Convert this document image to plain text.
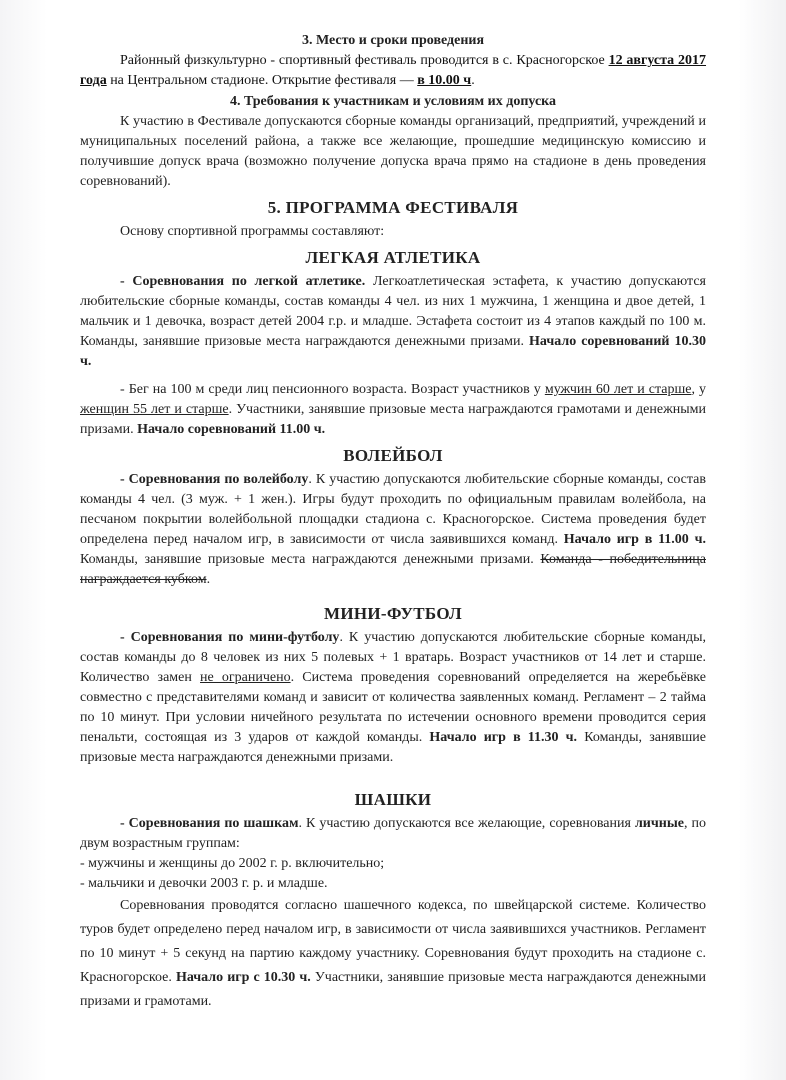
3. Место и сроки проведения

Районный физкультурно - спортивный фестиваль проводится в с. Красногорское 12 августа 2017 года на Центральном стадионе. Открытие фестиваля — в 10.00 ч.

4. Требования к участникам и условиям их допуска

К участию в Фестивале допускаются сборные команды организаций, предприятий, учреждений и муниципальных поселений района, а также все желающие, прошедшие медицинскую комиссию и получившие допуск врача (возможно получение допуска врача прямо на стадионе в день проведения соревнований).

5. ПРОГРАММА ФЕСТИВАЛЯ

Основу спортивной программы составляют:

ЛЕГКАЯ АТЛЕТИКА

- Соревнования по легкой атлетике. Легкоатлетическая эстафета, к участию допускаются любительские сборные команды, состав команды 4 чел. из них 1 мужчина, 1 женщина и двое детей, 1 мальчик и 1 девочка, возраст детей 2004 г.р. и младше. Эстафета состоит из 4 этапов каждый по 100 м. Команды, занявшие призовые места награждаются денежными призами. Начало соревнований 10.30 ч.

- Бег на 100 м среди лиц пенсионного возраста. Возраст участников у мужчин 60 лет и старше, у женщин 55 лет и старше. Участники, занявшие призовые места награждаются грамотами и денежными призами. Начало соревнований 11.00 ч.

ВОЛЕЙБОЛ

- Соревнования по волейболу. К участию допускаются любительские сборные команды, состав команды 4 чел. (3 муж. + 1 жен.). Игры будут проходить по официальным правилам волейбола, на песчаном покрытии волейбольной площадки стадиона с. Красногорское. Система проведения будет определена перед началом игр, в зависимости от числа заявившихся команд. Начало игр в 11.00 ч. Команды, занявшие призовые места награждаются денежными призами. Команда - победительница награждается кубком.

МИНИ-ФУТБОЛ

- Соревнования по мини-футболу. К участию допускаются любительские сборные команды, состав команды до 8 человек из них 5 полевых + 1 вратарь. Возраст участников от 14 лет и старше. Количество замен не ограничено. Система проведения соревнований определяется на жеребьёвке совместно с представителями команд и зависит от количества заявленных команд. Регламент – 2 тайма по 10 минут. При условии ничейного результата по истечении основного времени проводится серия пенальти, состоящая из 3 ударов от каждой команды. Начало игр в 11.30 ч. Команды, занявшие призовые места награждаются денежными призами.

ШАШКИ

- Соревнования по шашкам. К участию допускаются все желающие, соревнования личные, по двум возрастным группам:

- мужчины и женщины до 2002 г. р. включительно;

- мальчики и девочки 2003 г. р. и младше.

Соревнования проводятся согласно шашечного кодекса, по швейцарской системе. Количество туров будет определено перед началом игр, в зависимости от числа заявившихся участников. Регламент по 10 минут + 5 секунд на партию каждому участнику. Соревнования будут проходить на стадионе с. Красногорское. Начало игр с 10.30 ч. Участники, занявшие призовые места награждаются денежными призами и грамотами.
